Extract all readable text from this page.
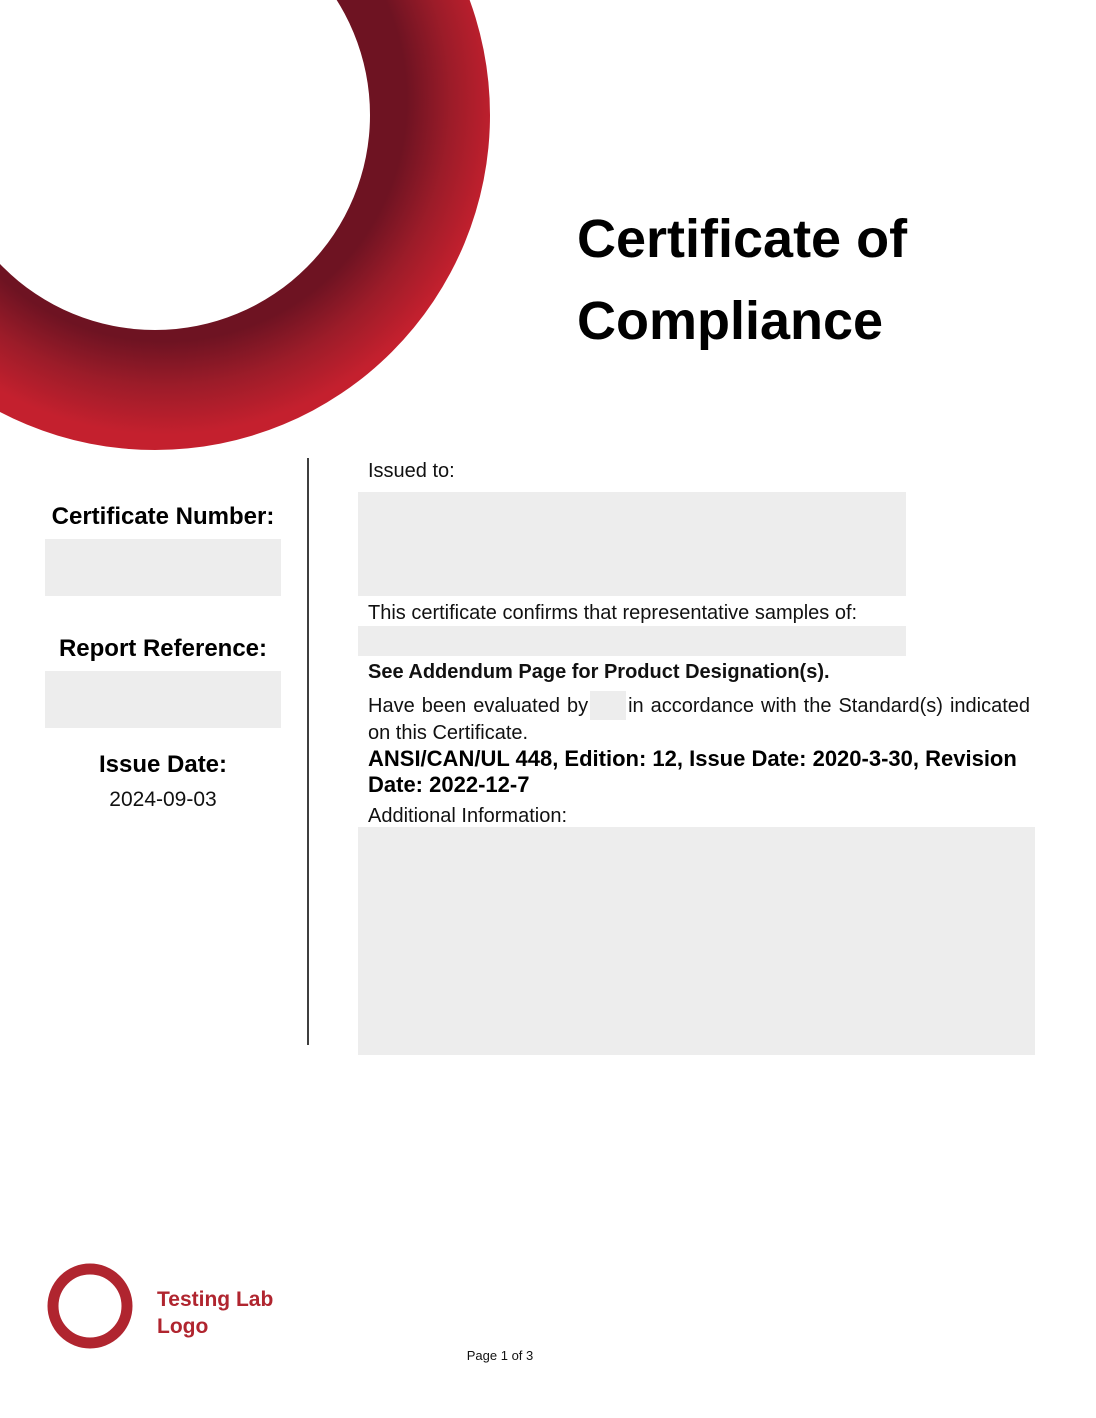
Certificate of Compliance
Certificate Number:
Report Reference:
Issue Date:
2024-09-03
Issued to:
This certificate confirms that representative samples of:
See Addendum Page for Product Designation(s).
Have been evaluated by in accordance with the Standard(s) indicated on this Certificate.
ANSI/CAN/UL 448, Edition: 12, Issue Date: 2020-3-30, Revision Date: 2022-12-7
Additional Information:
Testing Lab Logo
Page 1 of 3
